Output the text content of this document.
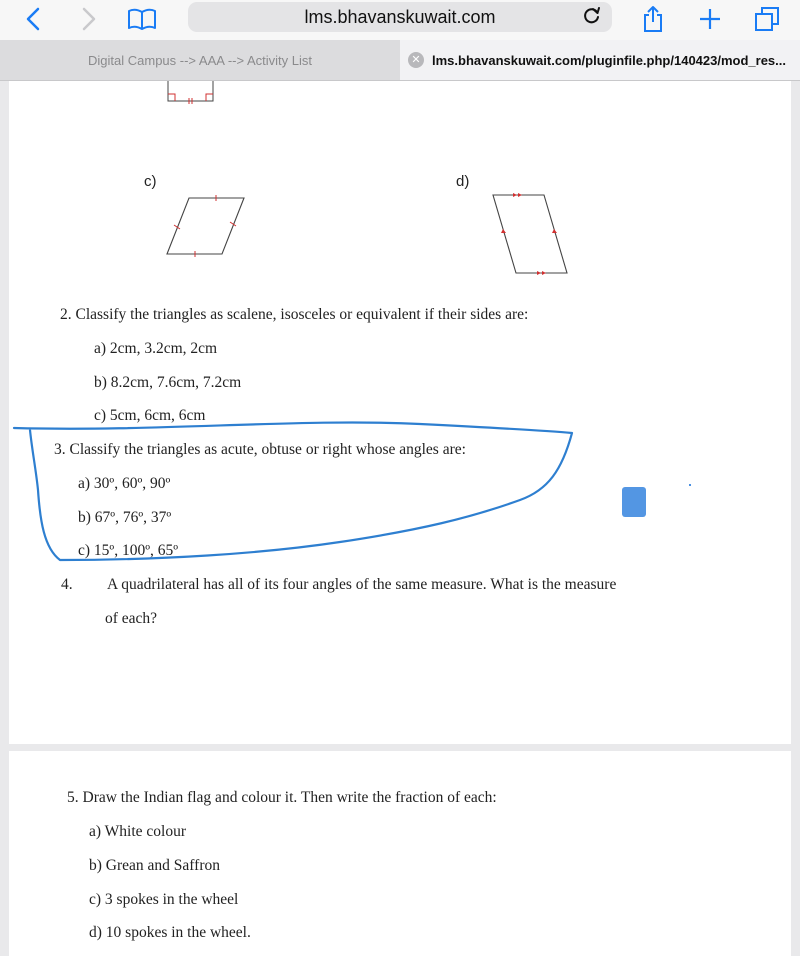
lms.bhavanskuwait.com
Digital Campus --> AAA --> Activity List	✕ lms.bhavanskuwait.com/pluginfile.php/140423/mod_res...
c)	d)
2. Classify the triangles as scalene, isosceles or equivalent if their sides are:
a) 2cm, 3.2cm, 2cm
b) 8.2cm, 7.6cm, 7.2cm
c) 5cm, 6cm, 6cm
3. Classify the triangles as acute, obtuse or right whose angles are:
a) 30º, 60º, 90º
b) 67º, 76º, 37º
c) 15º, 100º, 65º
4. A quadrilateral has all of its four angles of the same measure. What is the measure
of each?
5. Draw the Indian flag and colour it. Then write the fraction of each:
a) White colour
b) Grean and Saffron
c) 3 spokes in the wheel
d) 10 spokes in the wheel.
